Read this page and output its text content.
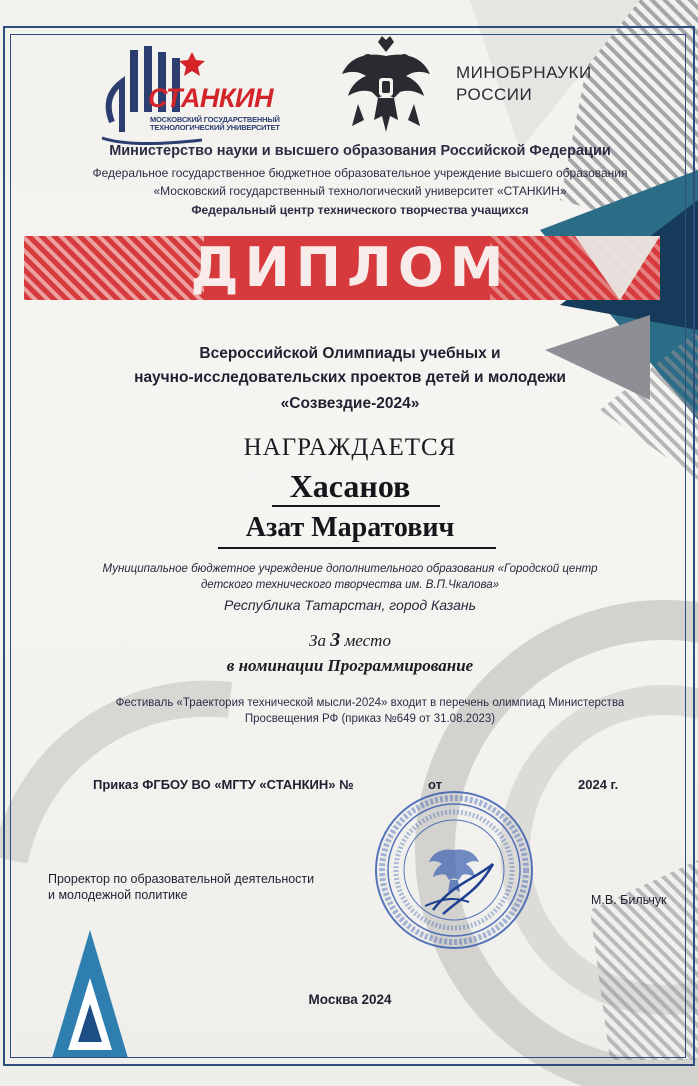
СТАНКИН
МОСКОВСКИЙ ГОСУДАРСТВЕННЫЙ ТЕХНОЛОГИЧЕСКИЙ УНИВЕРСИТЕТ
МИНОБРНАУКИ
РОССИИ
Министерство науки и высшего образования Российской Федерации
Федеральное государственное бюджетное образовательное учреждение высшего образования
«Московский государственный технологический университет «СТАНКИН»
Федеральный центр технического творчества учащихся
ДИПЛОМ
Всероссийской Олимпиады учебных и
научно-исследовательских проектов детей и молодежи
«Созвездие-2024»
НАГРАЖДАЕТСЯ
Хасанов
Азат Маратович
Муниципальное бюджетное учреждение дополнительного образования «Городской центр
детского технического творчества им. В.П.Чкалова»
Республика Татарстан, город Казань
За 3 место
в номинации Программирование
Фестиваль «Траектория технической мысли-2024» входит в перечень олимпиад Министерства
Просвещения РФ (приказ №649 от 31.08.2023)
Приказ ФГБОУ ВО «МГТУ «СТАНКИН» №	от	2024 г.
Проректор по образовательной деятельности
и молодежной политике	М.В. Бильчук
Москва 2024
